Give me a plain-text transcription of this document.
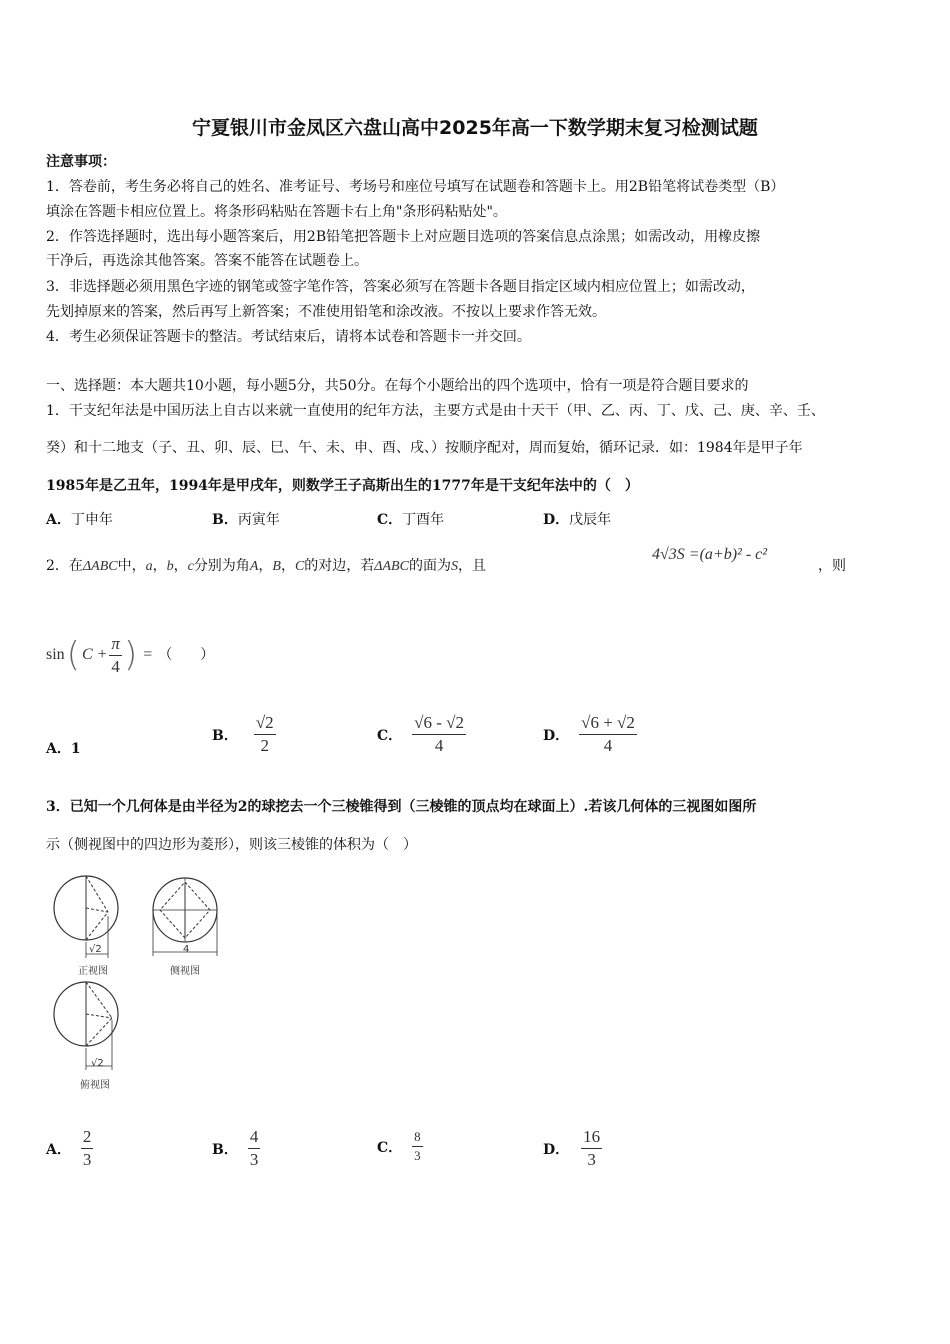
宁夏银川市金凤区六盘山高中2025年高一下数学期末复习检测试题
注意事项：
1．答卷前，考生务必将自己的姓名、准考证号、考场号和座位号填写在试题卷和答题卡上。用2B铅笔将试卷类型（B）
填涂在答题卡相应位置上。将条形码粘贴在答题卡右上角"条形码粘贴处"。
2．作答选择题时，选出每小题答案后，用2B铅笔把答题卡上对应题目选项的答案信息点涂黑；如需改动，用橡皮擦
干净后，再选涂其他答案。答案不能答在试题卷上。
3．非选择题必须用黑色字迹的钢笔或签字笔作答，答案必须写在答题卡各题目指定区域内相应位置上；如需改动，
先划掉原来的答案，然后再写上新答案；不准使用铅笔和涂改液。不按以上要求作答无效。
4．考生必须保证答题卡的整洁。考试结束后，请将本试卷和答题卡一并交回。
一、选择题：本大题共10小题，每小题5分，共50分。在每个小题给出的四个选项中，恰有一项是符合题目要求的
1．干支纪年法是中国历法上自古以来就一直使用的纪年方法，主要方式是由十天干（甲、乙、丙、丁、戊、己、庚、辛、壬、
癸）和十二地支（子、丑、卯、辰、巳、午、未、申、酉、戌、）按顺序配对，周而复始，循环记录．如：1984年是甲子年
1985年是乙丑年，1994年是甲戌年，则数学王子高斯出生的1777年是干支纪年法中的（　）
A．丁申年	B．丙寅年	C．丁酉年	D．戊辰年
2．在ΔABC中，a，b，c分别为角A，B，C的对边，若ΔABC的面为S，且
4√3S =(a+b)² - c²
，则
sin ( $C + \frac{\pi}{4}$ ) = （　　）
A．1
B． $\frac{√2}{2}$	C． $\frac{√6 - √2}{4}$	D． $\frac{√6 + √2}{4}$
3．已知一个几何体是由半径为2的球挖去一个三棱锥得到（三棱锥的顶点均在球面上）.若该几何体的三视图如图所
示（侧视图中的四边形为菱形），则该三棱锥的体积为（　）
√2
正视图
4
侧视图
√2
俯视图
A． $\frac{2}{3}$	B． $\frac{4}{3}$	C． $\frac{8}{3}$	D． $\frac{16}{3}$
